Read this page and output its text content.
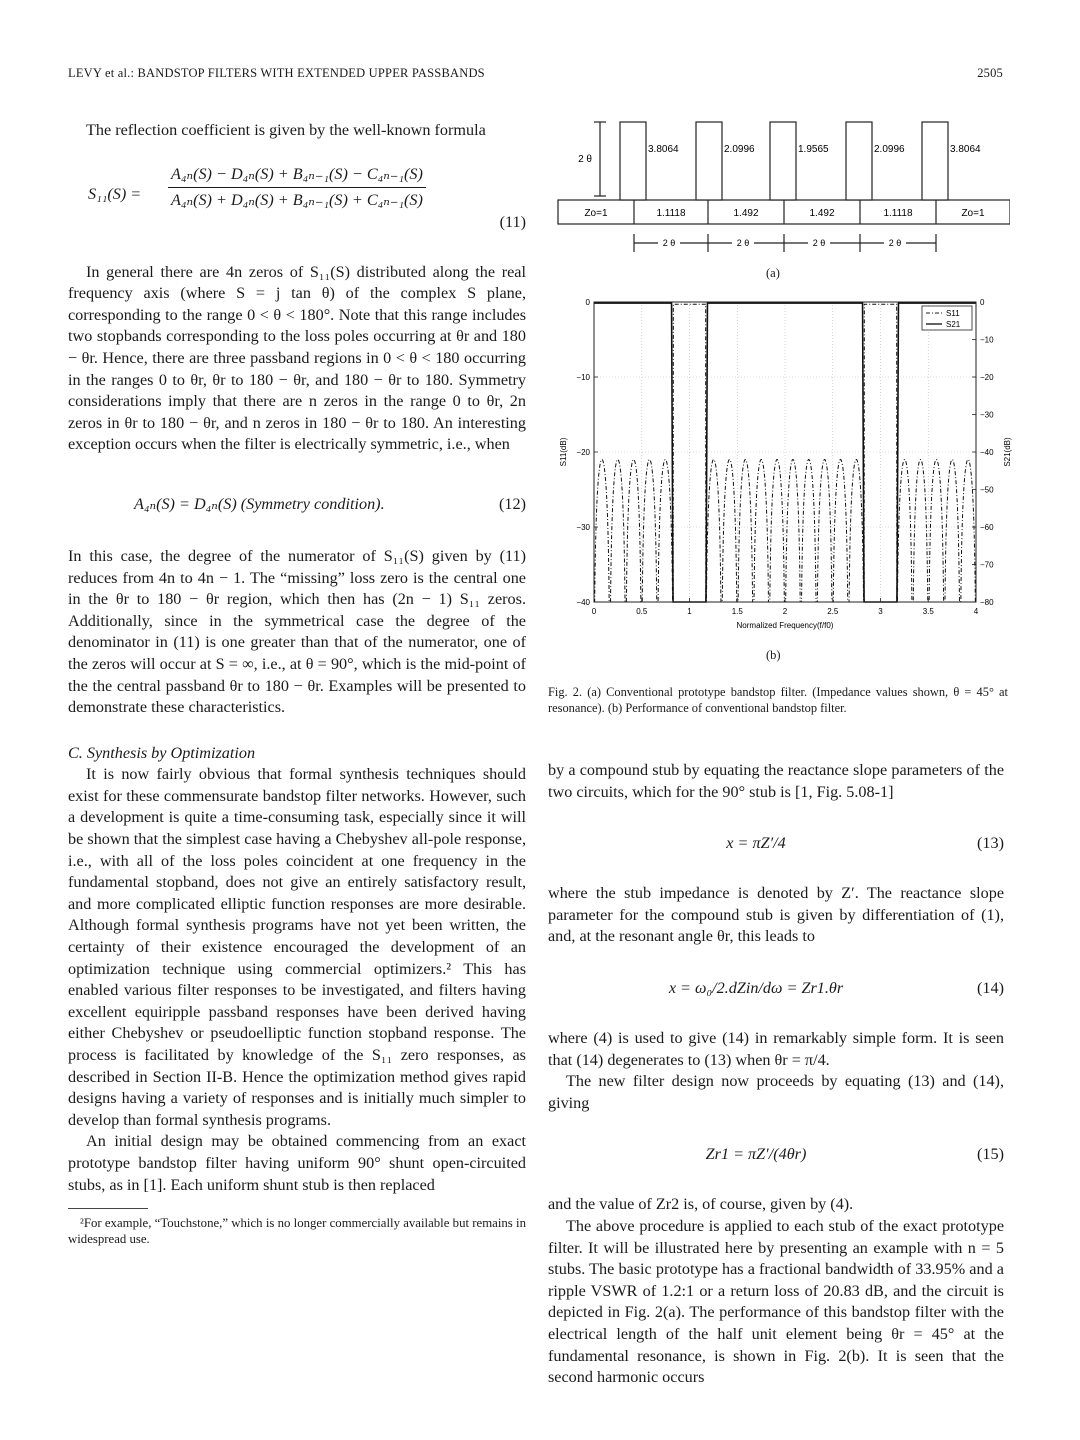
LEVY et al.: BANDSTOP FILTERS WITH EXTENDED UPPER PASSBANDS	2505

The reflection coefficient is given by the well-known formula

$S_{11}(S) = \frac{\text{A₄ₙ(S) − D₄ₙ(S) + B₄ₙ₋₁(S) − C₄ₙ₋₁(S)}}{\text{A₄ₙ(S) + D₄ₙ(S) + B₄ₙ₋₁(S) + C₄ₙ₋₁(S)}}$
(11)

In general there are 4n zeros of S₁₁(S) distributed along the real frequency axis (where S = j tan θ) of the complex S plane, corresponding to the range 0 < θ < 180°. Note that this range includes two stopbands corresponding to the loss poles occurring at θr and 180 − θr. Hence, there are three passband regions in 0 < θ < 180 occurring in the ranges 0 to θr, θr to 180 − θr, and 180 − θr to 180. Symmetry considerations imply that there are n zeros in the range 0 to θr, 2n zeros in θr to 180 − θr, and n zeros in 180 − θr to 180. An interesting exception occurs when the filter is electrically symmetric, i.e., when

A₄ₙ(S) = D₄ₙ(S) (Symmetry condition).	(12)

In this case, the degree of the numerator of S₁₁(S) given by (11) reduces from 4n to 4n − 1. The “missing” loss zero is the central one in the θr to 180 − θr region, which then has (2n − 1) S₁₁ zeros. Additionally, since in the symmetrical case the degree of the denominator in (11) is one greater than that of the numerator, one of the zeros will occur at S = ∞, i.e., at θ = 90°, which is the mid-point of the the central passband θr to 180 − θr. Examples will be presented to demonstrate these characteristics.

C. Synthesis by Optimization

It is now fairly obvious that formal synthesis techniques should exist for these commensurate bandstop filter networks. However, such a development is quite a time-consuming task, especially since it will be shown that the simplest case having a Chebyshev all-pole response, i.e., with all of the loss poles coincident at one frequency in the fundamental stopband, does not give an entirely satisfactory result, and more complicated elliptic function responses are more desirable. Although formal synthesis programs have not yet been written, the certainty of their existence encouraged the development of an optimization technique using commercial optimizers.² This has enabled various filter responses to be investigated, and filters having excellent equiripple passband responses have been derived having either Chebyshev or pseudoelliptic function stopband response. The process is facilitated by knowledge of the S₁₁ zero responses, as described in Section II-B. Hence the optimization method gives rapid designs having a variety of responses and is initially much simpler to develop than formal synthesis programs.

An initial design may be obtained commencing from an exact prototype bandstop filter having uniform 90° shunt open-circuited stubs, as in [1]. Each uniform shunt stub is then replaced

²For example, “Touchstone,” which is no longer commercially available but remains in widespread use.

2 θ
3.8064	2.0996	1.9565	2.0996	3.8064
Zo=1	1.1118	1.492	1.492	1.1118	Zo=1
2 θ	2 θ	2 θ	2 θ
(a)
0	0.5	1	1.5	2	2.5	3	3.5	4
0
−10
−20
−30
−40
0
−10
−20
−30
−40
−50
−60
−70
−80
Normalized Frequency(f/f0)
S11(dB)	S21(dB)
S11
S21
(b)
Fig. 2. (a) Conventional prototype bandstop filter. (Impedance values shown, θ = 45° at resonance). (b) Performance of conventional bandstop filter.

by a compound stub by equating the reactance slope parameters of the two circuits, which for the 90° stub is [1, Fig. 5.08-1]

x = πZ′/4	(13)

where the stub impedance is denoted by Z′. The reactance slope parameter for the compound stub is given by differentiation of (1), and, at the resonant angle θr, this leads to

x = ω₀/2.dZin/dω = Zr1.θr	(14)

where (4) is used to give (14) in remarkably simple form. It is seen that (14) degenerates to (13) when θr = π/4.

The new filter design now proceeds by equating (13) and (14), giving

Zr1 = πZ′/(4θr)	(15)

and the value of Zr2 is, of course, given by (4).

The above procedure is applied to each stub of the exact prototype filter. It will be illustrated here by presenting an example with n = 5 stubs. The basic prototype has a fractional bandwidth of 33.95% and a ripple VSWR of 1.2:1 or a return loss of 20.83 dB, and the circuit is depicted in Fig. 2(a). The performance of this bandstop filter with the electrical length of the half unit element being θr = 45° at the fundamental resonance, is shown in Fig. 2(b). It is seen that the second harmonic occurs
